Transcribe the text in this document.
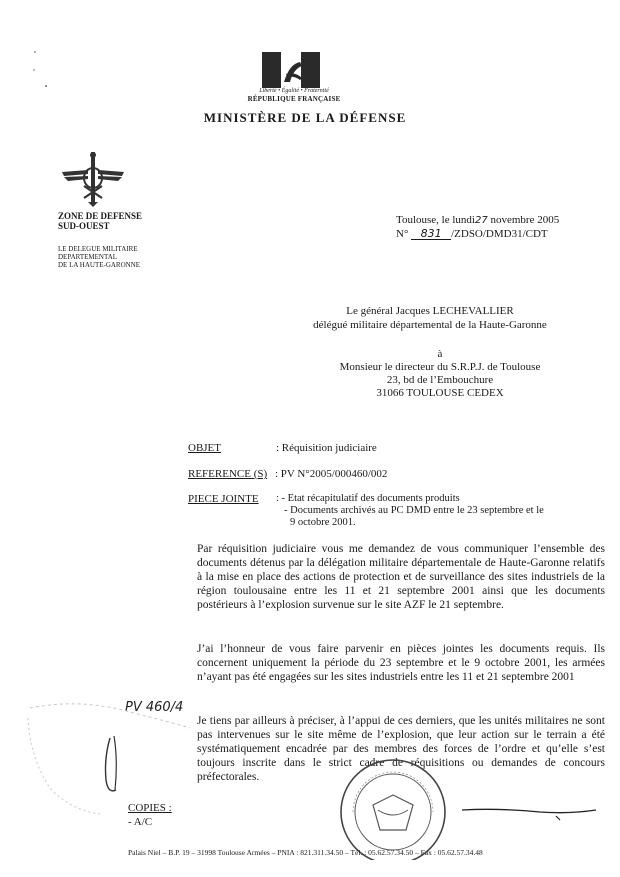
Liberté • Égalité • Fraternité
RÉPUBLIQUE FRANÇAISE
MINISTÈRE DE LA DÉFENSE
ZONE DE DEFENSE
SUD-OUEST
LE DELEGUE MILITAIRE
DEPARTEMENTAL
DE LA HAUTE-GARONNE
Toulouse, le lundi27 novembre 2005
N° 831 /ZDSO/DMD31/CDT
Le général Jacques LECHEVALLIER
délégué militaire départemental de la Haute-Garonne
à
Monsieur le directeur du S.R.P.J. de Toulouse
23, bd de l’Embouchure
31066 TOULOUSE CEDEX
OBJET	: Réquisition judiciaire
REFERENCE (S) : PV N°2005/000460/002
PIECE JOINTE : - Etat récapitulatif des documents produits
- Documents archivés au PC DMD entre le 23 septembre et le
9 octobre 2001.
Par réquisition judiciaire vous me demandez de vous communiquer l’ensemble des documents détenus par la délégation militaire départementale de Haute-Garonne relatifs à la mise en place des actions de protection et de surveillance des sites industriels de la région toulousaine entre les 11 et 21 septembre 2001 ainsi que les documents postérieurs à l’explosion survenue sur le site AZF le 21 septembre.
J’ai l’honneur de vous faire parvenir en pièces jointes les documents requis. Ils concernent uniquement la période du 23 septembre et le 9 octobre 2001, les armées n’ayant pas été engagées sur les sites industriels entre les 11 et 21 septembre 2001
Je tiens par ailleurs à préciser, à l’appui de ces derniers, que les unités militaires ne sont pas intervenues sur le site même de l’explosion, que leur action sur le terrain a été systématiquement encadrée par des membres des forces de l’ordre et qu’elle s’est toujours inscrite dans le strict cadre de réquisitions ou demandes de concours préfectorales.
PV 460/4
COPIES :
- A/C
Palais Niel – B.P. 19 – 31998 Toulouse Armées – PNIA : 821.311.34.50 – Tél. : 05.62.57.34.50 – Fax : 05.62.57.34.48
